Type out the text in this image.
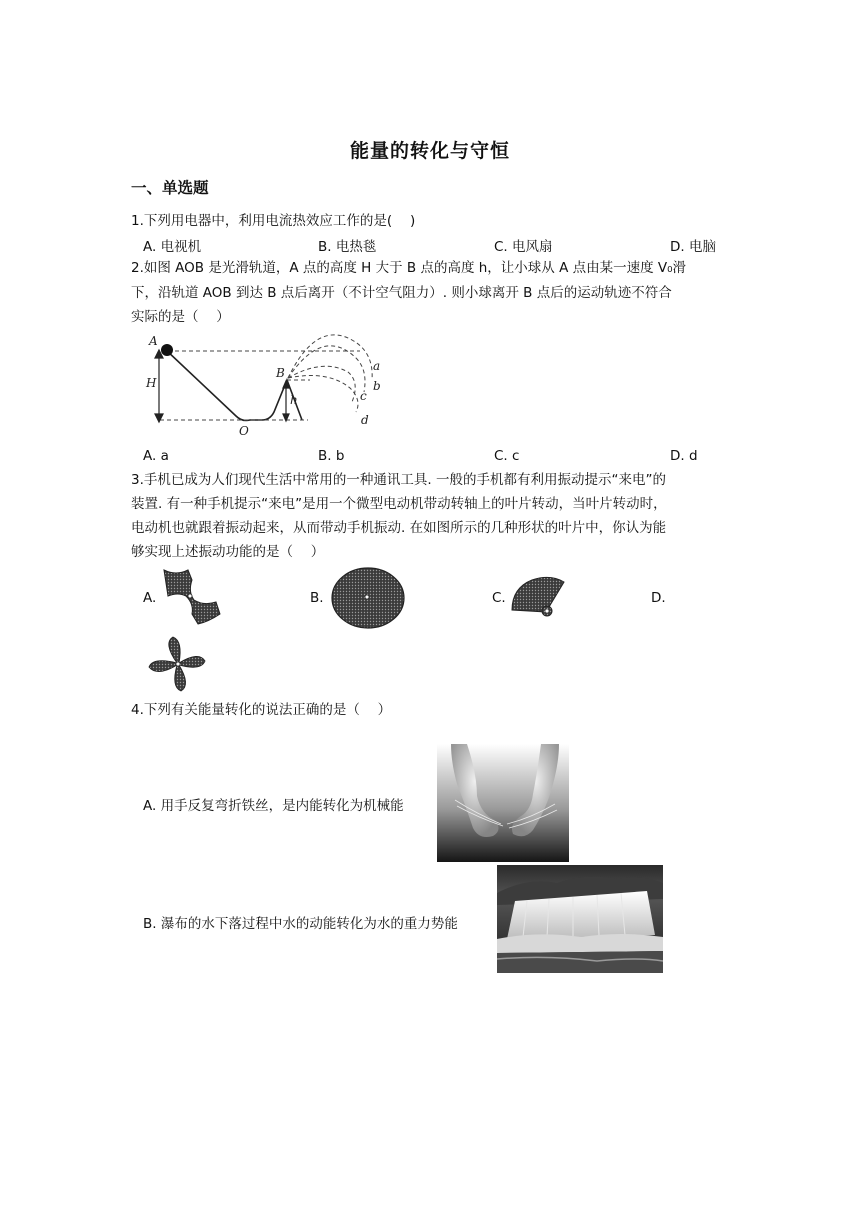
能量的转化与守恒
一、单选题
1.下列用电器中，利用电流热效应工作的是(　 )
A. 电视机	B. 电热毯	C. 电风扇	D. 电脑
2.如图 AOB 是光滑轨道，A 点的高度 H 大于 B 点的高度 h，让小球从 A 点由某一速度 V₀滑
下，沿轨道 AOB 到达 B 点后离开（不计空气阻力）. 则小球离开 B 点后的运动轨迹不符合
实际的是（　 ）
A
H
B
h
O
a
b
c
d
A. a	B. b	C. c	D. d
3.手机已成为人们现代生活中常用的一种通讯工具. 一般的手机都有利用振动提示“来电”的
装置. 有一种手机提示“来电”是用一个微型电动机带动转轴上的叶片转动，当叶片转动时，
电动机也就跟着振动起来，从而带动手机振动. 在如图所示的几种形状的叶片中，你认为能
够实现上述振动功能的是（　 ）
A.	B.	C.	D.
4.下列有关能量转化的说法正确的是（　 ）
A. 用手反复弯折铁丝，是内能转化为机械能
B. 瀑布的水下落过程中水的动能转化为水的重力势能
